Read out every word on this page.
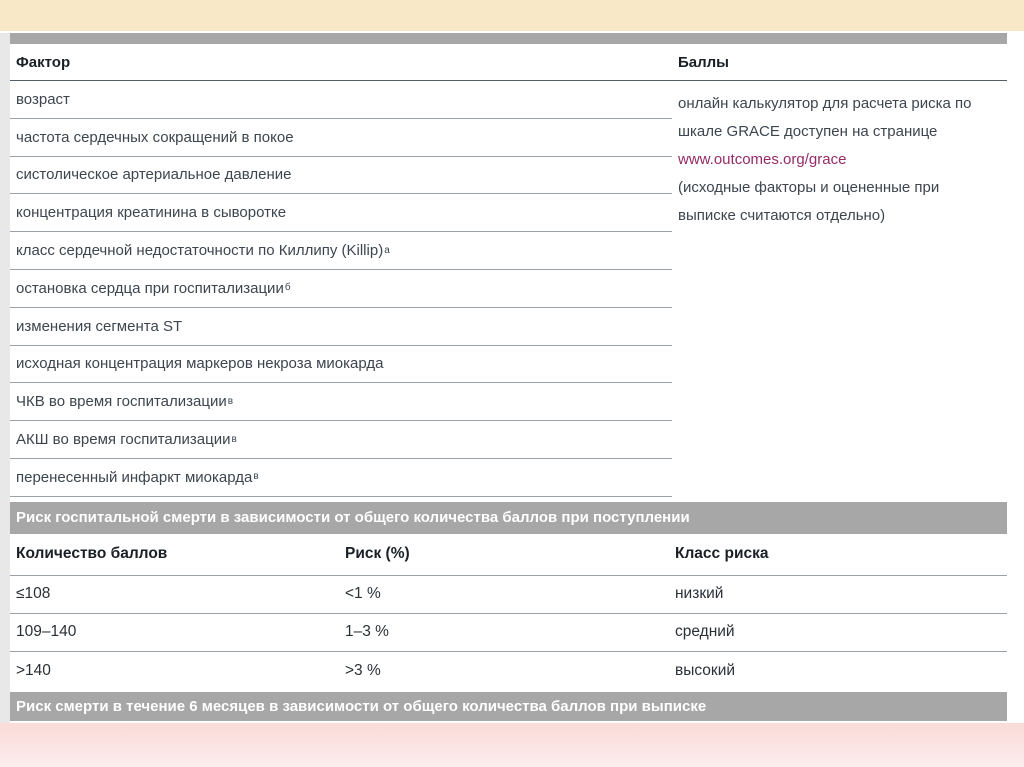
Фактор	Баллы
возраст
частота сердечных сокращений в покое
систолическое артериальное давление
концентрация креатинина в сыворотке
класс сердечной недостаточности по Киллипу (Killip) а
остановка сердца при госпитализации б
изменения сегмента ST
исходная концентрация маркеров некроза миокарда
ЧКВ во время госпитализации в
АКШ во время госпитализации в
перенесенный инфаркт миокарда в
онлайн калькулятор для расчета риска по
шкале GRACE доступен на странице
www.outcomes.org/grace
(исходные факторы и оцененные при
выписке считаются отдельно)
Риск госпитальной смерти в зависимости от общего количества баллов при поступлении
Количество баллов	Риск (%)	Класс риска
≤108	<1 %	низкий
109–140	1–3 %	средний
>140	>3 %	высокий
Риск смерти в течение 6 месяцев в зависимости от общего количества баллов при выписке
